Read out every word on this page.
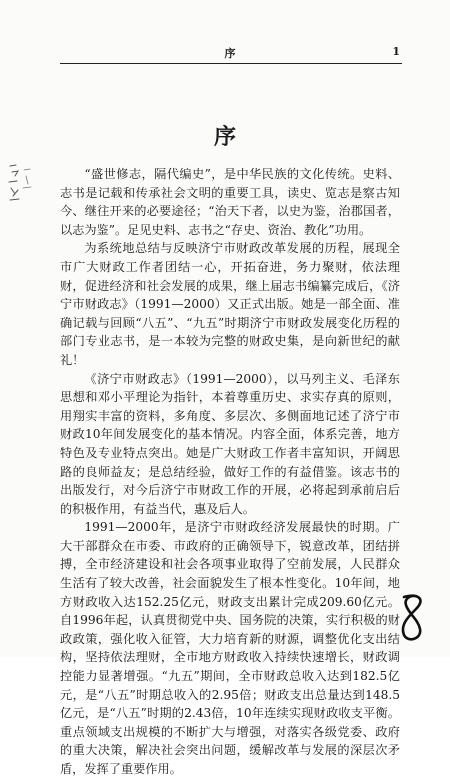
序	1
序

“盛世修志，隔代编史”，是中华民族的文化传统。史料、志书是记载和传承社会文明的重要工具，读史、览志是察古知今、继往开来的必要途径；“治天下者，以史为鉴，治郡国者，以志为鉴”。足见史料、志书之“存史、资治、教化”功用。

为系统地总结与反映济宁市财政改革发展的历程，展现全市广大财政工作者团结一心，开拓奋进，务力聚财，依法理财，促进经济和社会发展的成果，继上届志书编纂完成后，《济宁市财政志》（1991—2000）又正式出版。她是一部全面、准确记载与回顾“八五”、“九五”时期济宁市财政发展变化历程的部门专业志书，是一本较为完整的财政史集，是向新世纪的献礼！

《济宁市财政志》（1991—2000），以马列主义、毛泽东思想和邓小平理论为指针，本着尊重历史、求实存真的原则，用翔实丰富的资料，多角度、多层次、多侧面地记述了济宁市财政10年间发展变化的基本情况。内容全面，体系完善，地方特色及专业特点突出。她是广大财政工作者丰富知识，开阔思路的良师益友；是总结经验，做好工作的有益借鉴。该志书的出版发行，对今后济宁市财政工作的开展，必将起到承前启后的积极作用，有益当代，惠及后人。

1991—2000年，是济宁市财政经济发展最快的时期。广大干部群众在市委、市政府的正确领导下，锐意改革，团结拼搏，全市经济建设和社会各项事业取得了空前发展，人民群众生活有了较大改善，社会面貌发生了根本性变化。10年间，地方财政收入达152.25亿元，财政支出累计完成209.60亿元。自1996年起，认真贯彻党中央、国务院的决策，实行积极的财政政策，强化收入征管，大力培育新的财源，调整优化支出结构，坚持依法理财，全市地方财政收入持续快速增长，财政调控能力显著增强。“九五”期间，全市财政总收入达到182.5亿元，是“八五”时期总收入的2.95倍；财政支出总量达到148.5亿元，是“八五”时期的2.43倍，10年连续实现财政收支平衡。重点领域支出规模的不断扩大与增强，对落实各级党委、政府的重大决策，解决社会突出问题，缓解改革与发展的深层次矛盾，发挥了重要作用。
